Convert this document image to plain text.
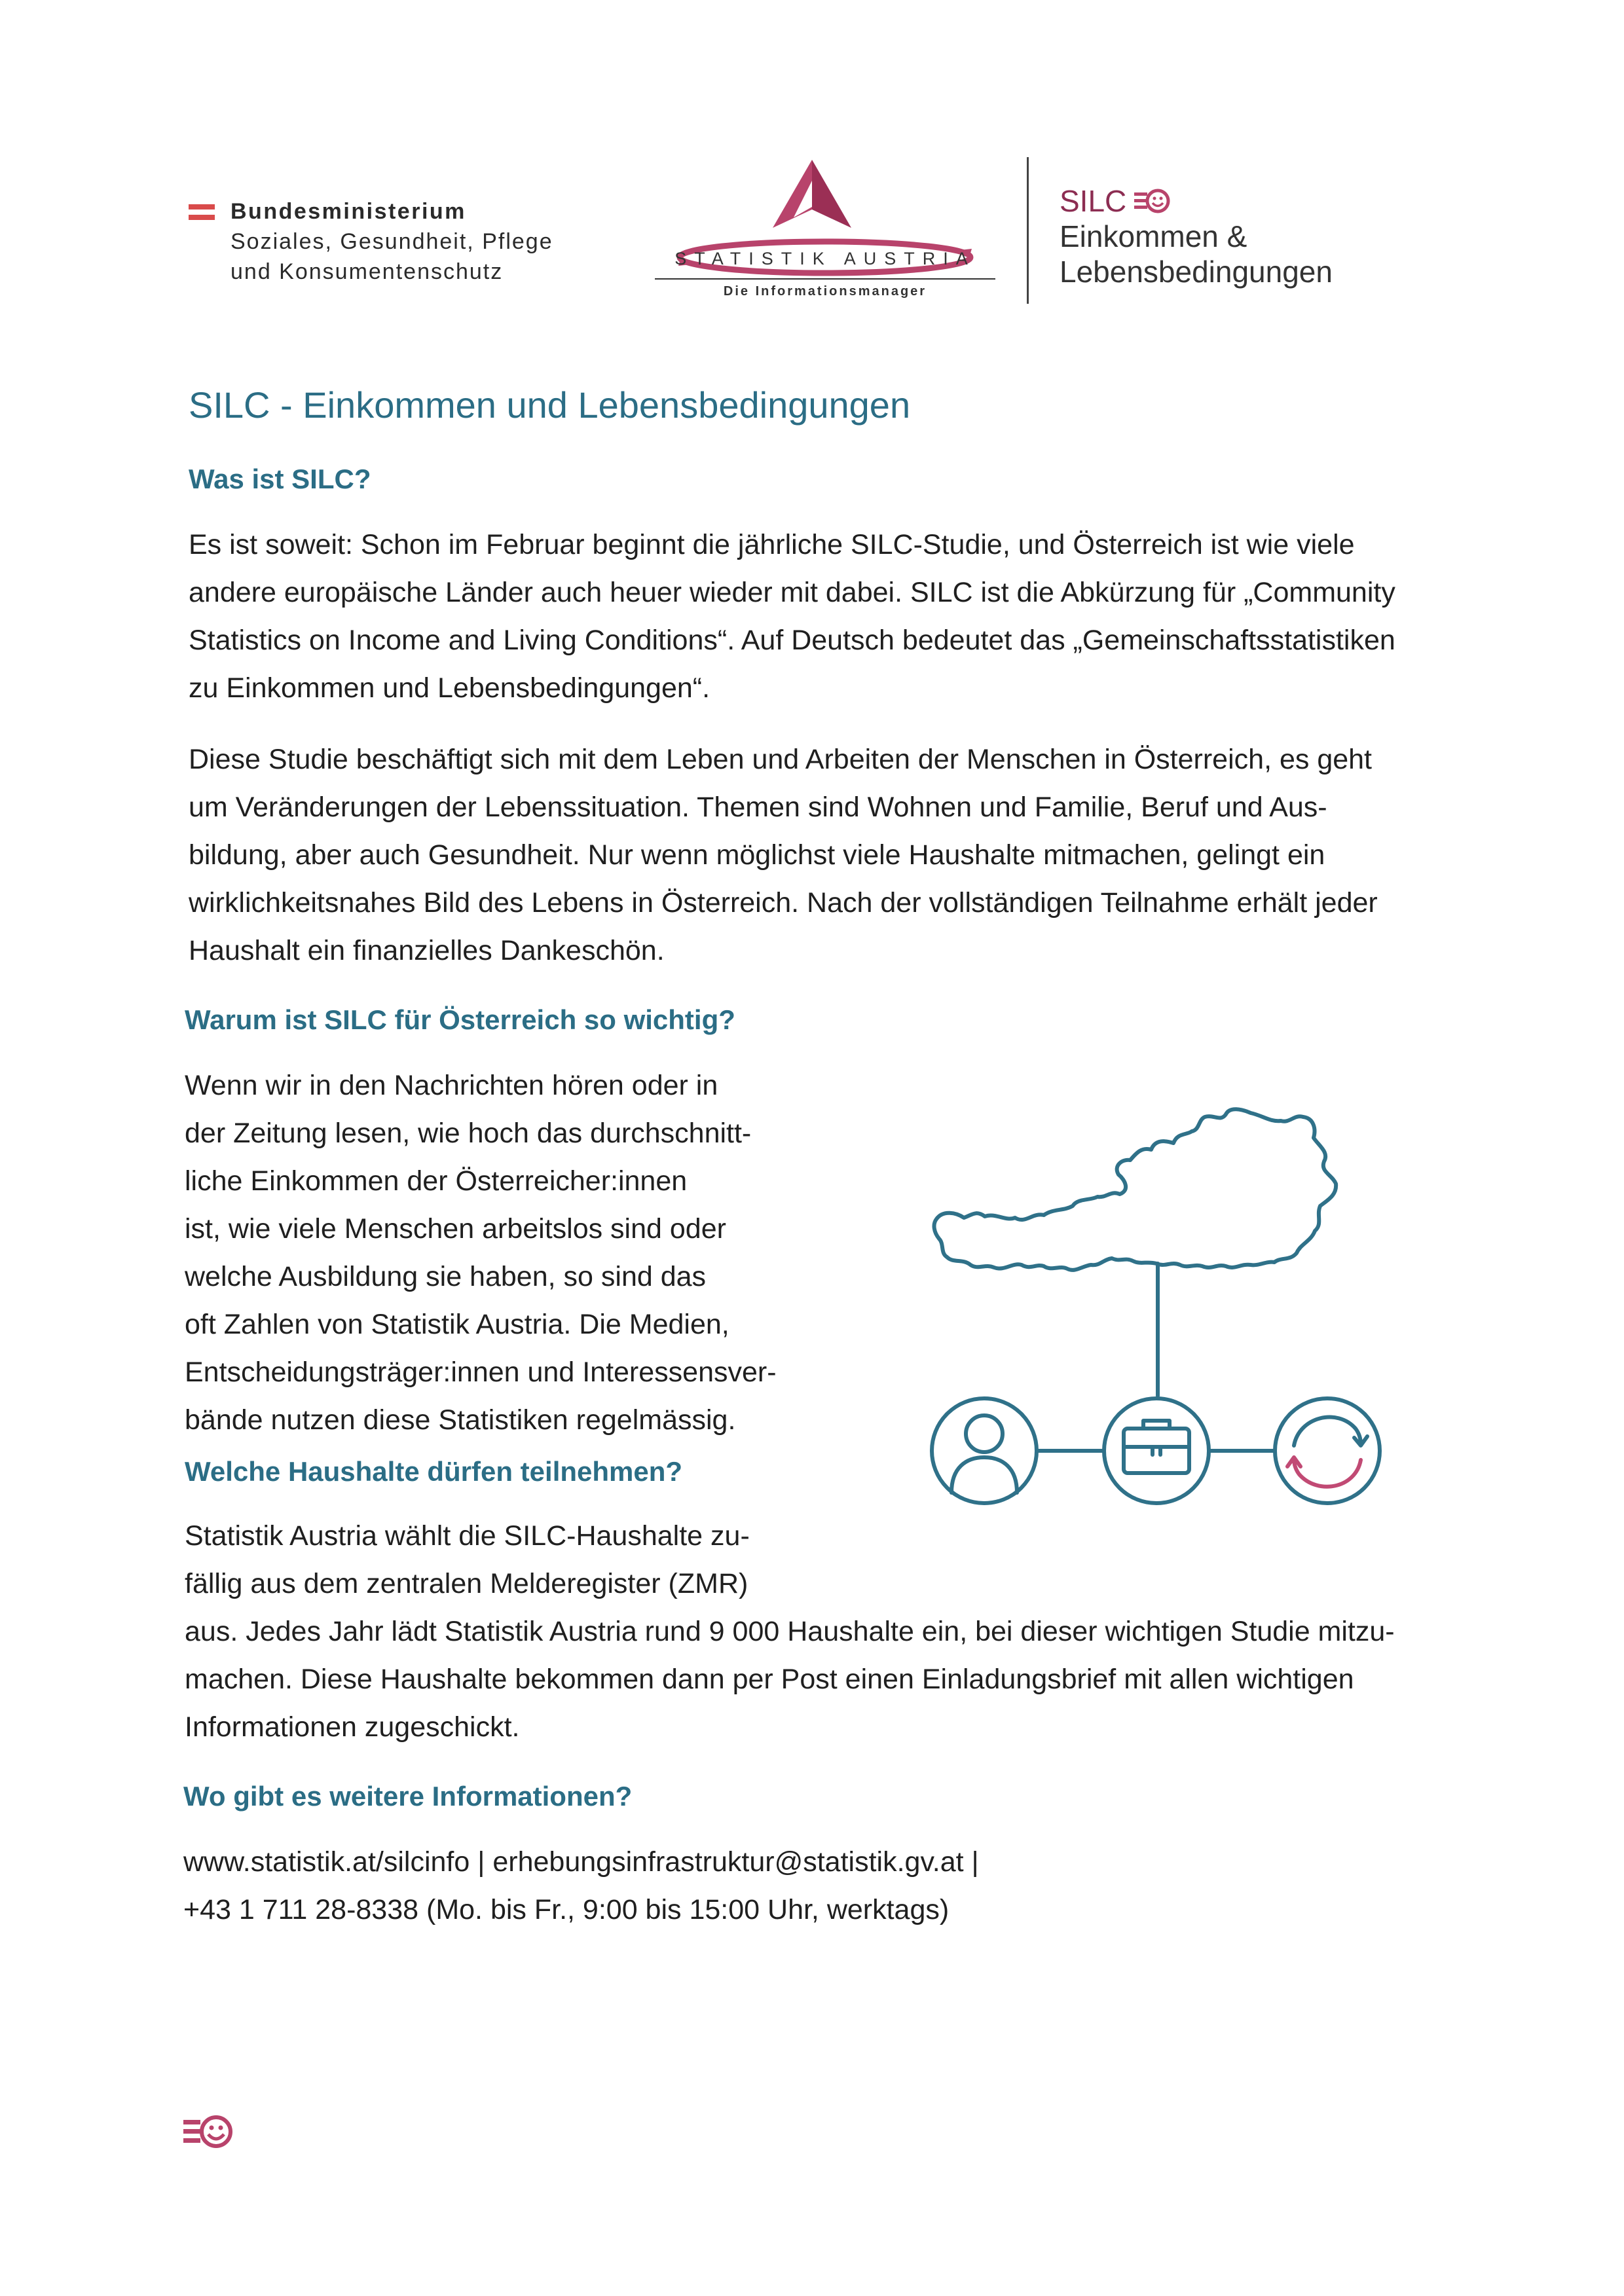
Bundesministerium
Soziales, Gesundheit, Pflege
und Konsumentenschutz
STATISTIK AUSTRIA
Die Informationsmanager
SILC
Einkommen &
Lebensbedingungen
SILC - Einkommen und Lebensbedingungen
Was ist SILC?
Es ist soweit: Schon im Februar beginnt die jährliche SILC-Studie, und Österreich ist wie viele
andere europäische Länder auch heuer wieder mit dabei. SILC ist die Abkürzung für „Community
Statistics on Income and Living Conditions“. Auf Deutsch bedeutet das „Gemeinschaftsstatistiken
zu Einkommen und Lebensbedingungen“.
Diese Studie beschäftigt sich mit dem Leben und Arbeiten der Menschen in Österreich, es geht
um Veränderungen der Lebenssituation. Themen sind Wohnen und Familie, Beruf und Aus-
bildung, aber auch Gesundheit. Nur wenn möglichst viele Haushalte mitmachen, gelingt ein
wirklichkeitsnahes Bild des Lebens in Österreich. Nach der vollständigen Teilnahme erhält jeder
Haushalt ein finanzielles Dankeschön.
Warum ist SILC für Österreich so wichtig?
Wenn wir in den Nachrichten hören oder in
der Zeitung lesen, wie hoch das durchschnitt-
liche Einkommen der Österreicher:innen
ist, wie viele Menschen arbeitslos sind oder
welche Ausbildung sie haben, so sind das
oft Zahlen von Statistik Austria. Die Medien,
Entscheidungsträger:innen und Interessensver-
bände nutzen diese Statistiken regelmässig.
Welche Haushalte dürfen teilnehmen?
Statistik Austria wählt die SILC-Haushalte zu-
fällig aus dem zentralen Melderegister (ZMR)
aus. Jedes Jahr lädt Statistik Austria rund 9 000 Haushalte ein, bei dieser wichtigen Studie mitzu-
machen. Diese Haushalte bekommen dann per Post einen Einladungsbrief mit allen wichtigen
Informationen zugeschickt.
Wo gibt es weitere Informationen?
www.statistik.at/silcinfo | erhebungsinfrastruktur@statistik.gv.at |
+43 1 711 28-8338 (Mo. bis Fr., 9:00 bis 15:00 Uhr, werktags)
